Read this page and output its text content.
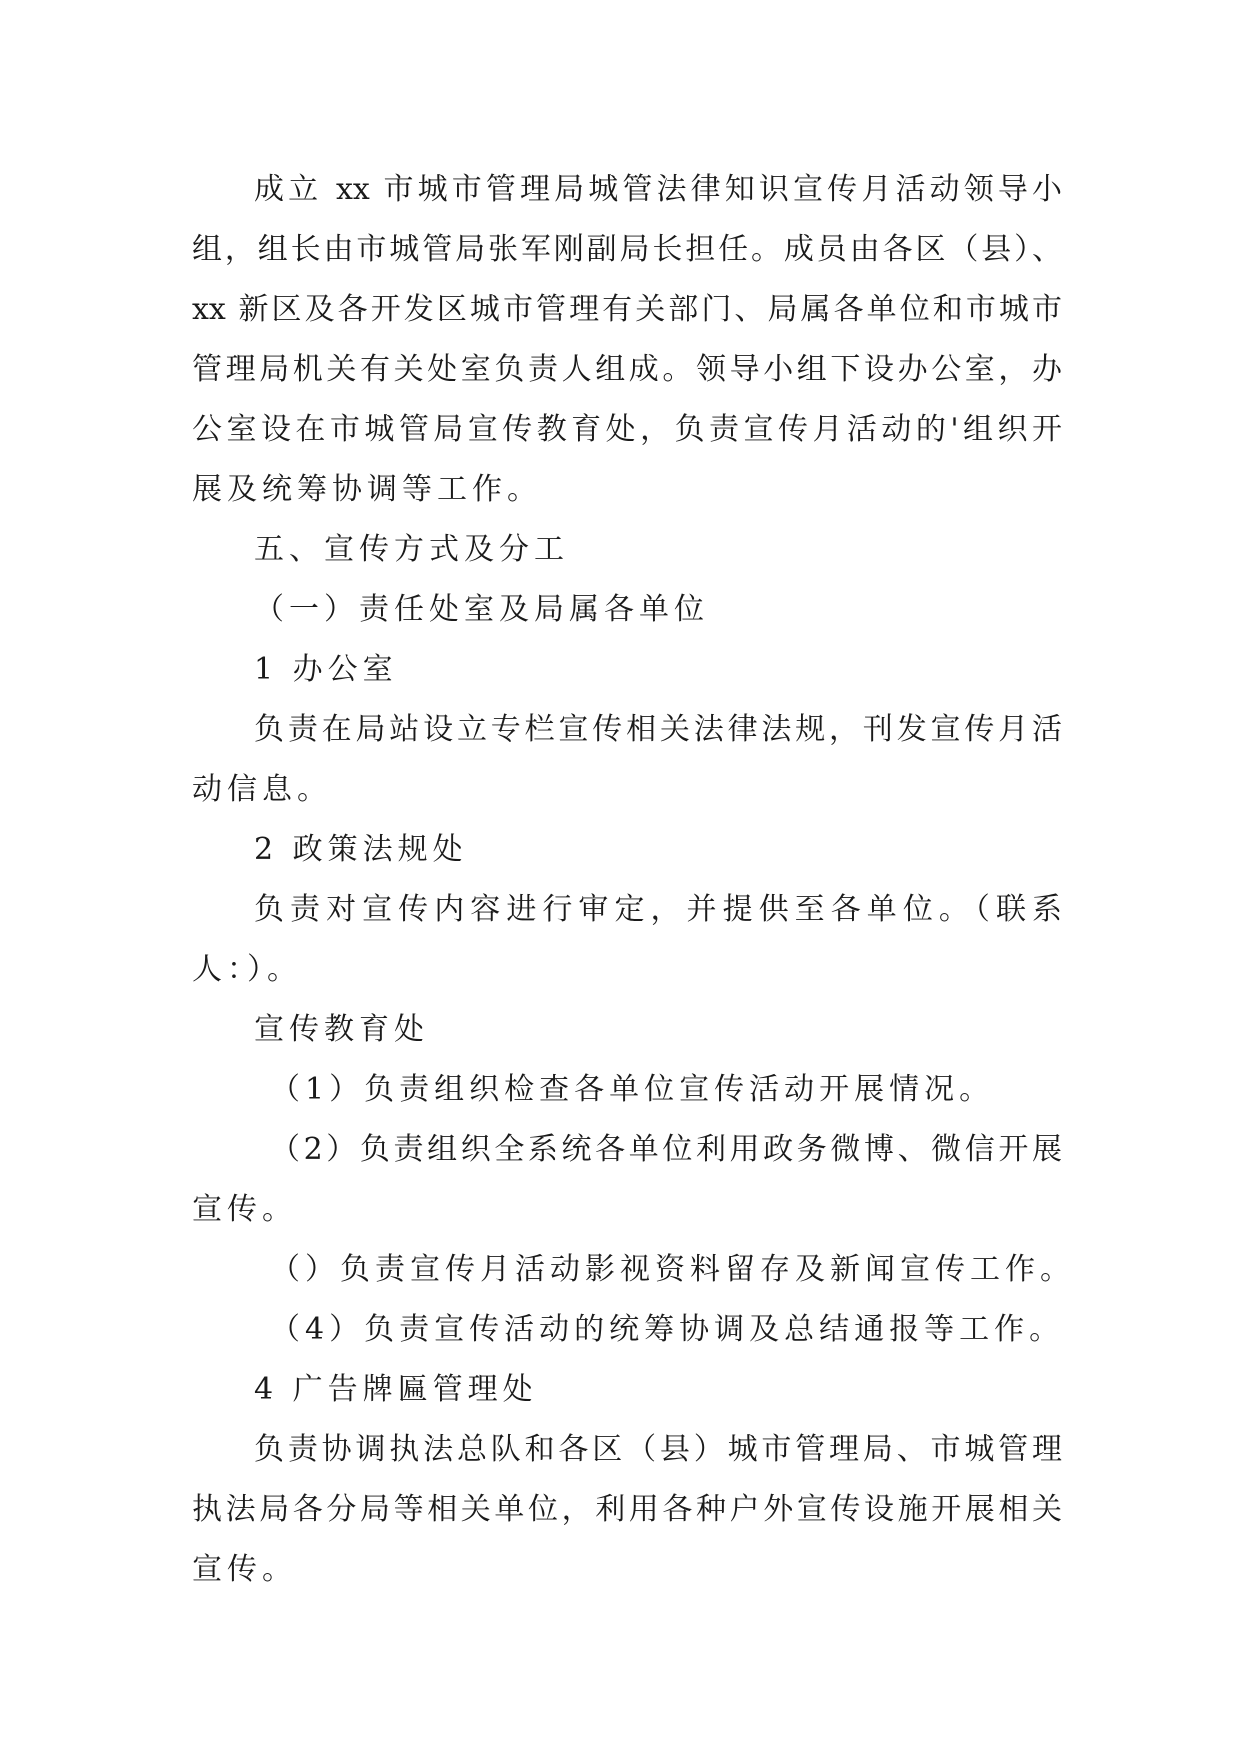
成立 xx 市城市管理局城管法律知识宣传月活动领导小
组，组长由市城管局张军刚副局长担任。成员由各区（县）、
xx 新区及各开发区城市管理有关部门、局属各单位和市城市
管理局机关有关处室负责人组成。领导小组下设办公室，办
公室设在市城管局宣传教育处，负责宣传月活动的'组织开
展及统筹协调等工作。
五、宣传方式及分工
（一）责任处室及局属各单位
1 办公室
负责在局站设立专栏宣传相关法律法规，刊发宣传月活
动信息。
2 政策法规处
负责对宣传内容进行审定，并提供至各单位。（联系
人：）。
宣传教育处
（1）负责组织检查各单位宣传活动开展情况。
（2）负责组织全系统各单位利用政务微博、微信开展
宣传。
（）负责宣传月活动影视资料留存及新闻宣传工作。
（4）负责宣传活动的统筹协调及总结通报等工作。
4 广告牌匾管理处
负责协调执法总队和各区（县）城市管理局、市城管理
执法局各分局等相关单位，利用各种户外宣传设施开展相关
宣传。
